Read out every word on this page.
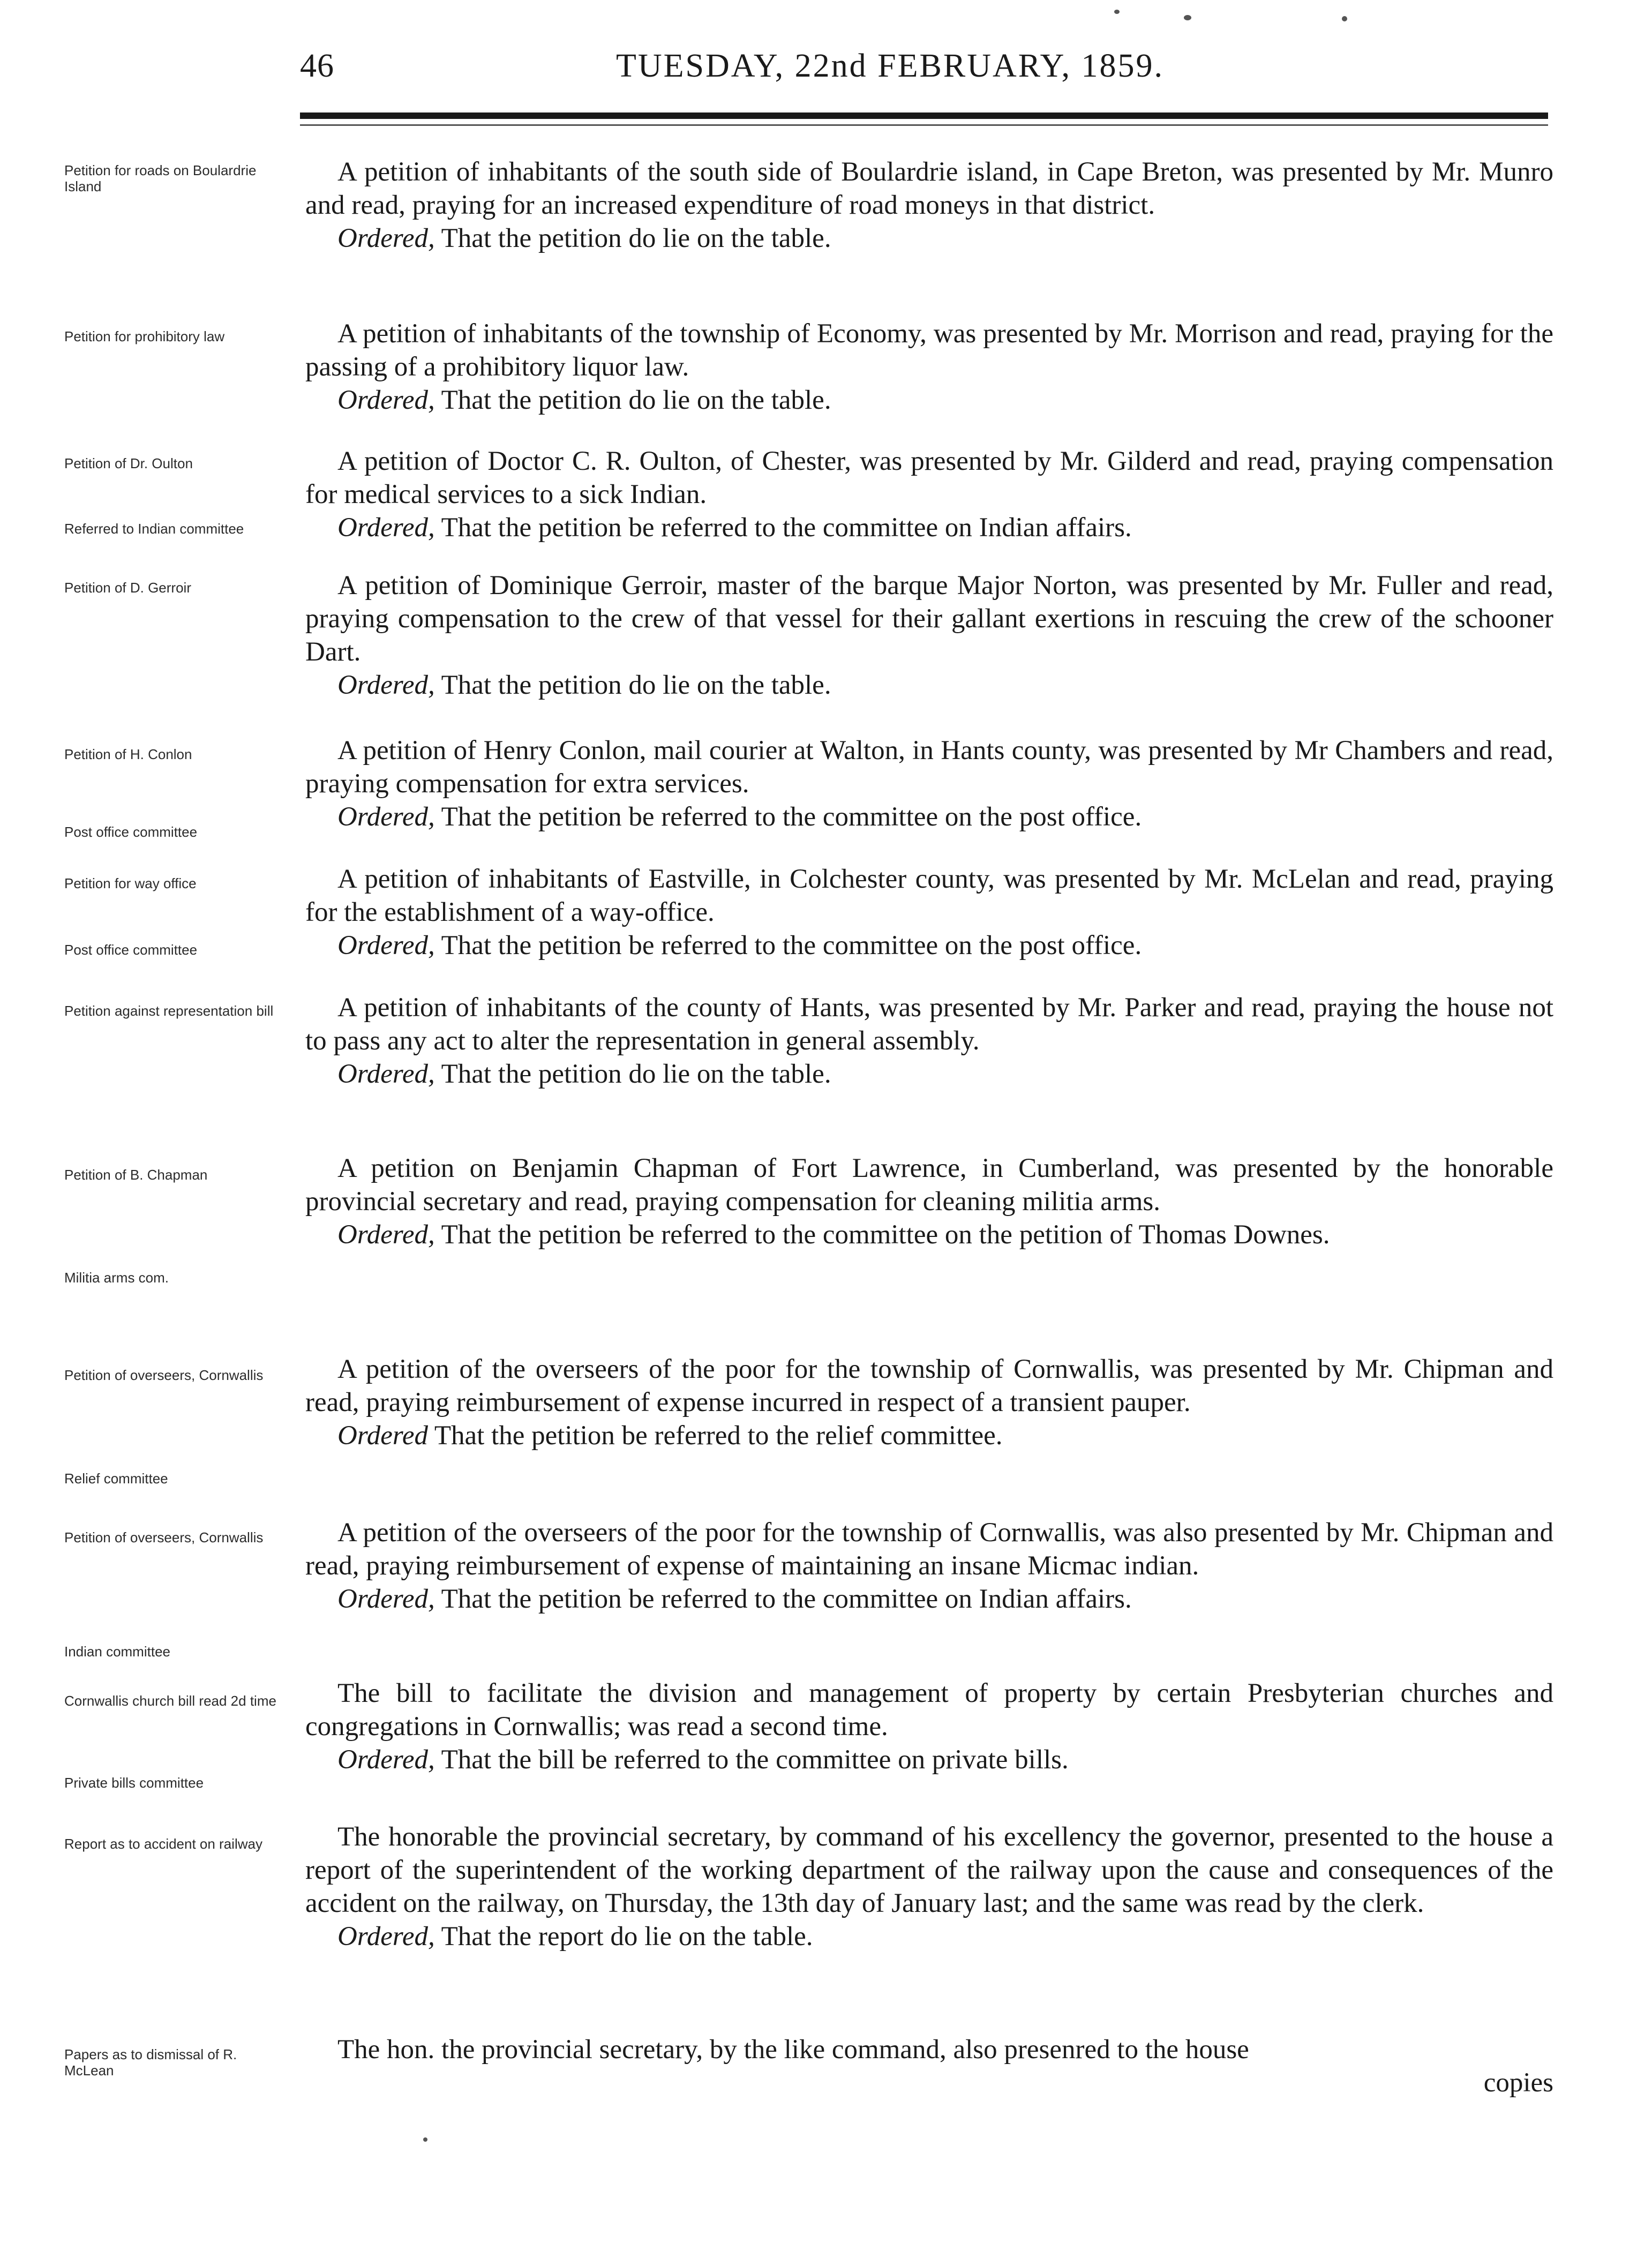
46	TUESDAY, 22nd FEBRUARY, 1859.
Petition for roads on Boulardrie Island
Petition for prohibitory law
Petition of Dr. Oulton
Referred to Indian committee
Petition of D. Gerroir
Petition of H. Conlon
Post office committee
Petition for way office
Post office committee
Petition against representation bill
Petition of B. Chapman
Militia arms com.
Petition of overseers, Cornwallis
Relief committee
Petition of overseers, Cornwallis
Indian committee
Cornwallis church bill read 2d time
Private bills committee
Report as to accident on railway
Papers as to dismissal of R. McLean
A petition of inhabitants of the south side of Boulardrie island, in Cape Breton, was presented by Mr. Munro and read, praying for an increased expenditure of road moneys in that district.
Ordered, That the petition do lie on the table.
A petition of inhabitants of the township of Economy, was presented by Mr. Morrison and read, praying for the passing of a prohibitory liquor law.
Ordered, That the petition do lie on the table.
A petition of Doctor C. R. Oulton, of Chester, was presented by Mr. Gilderd and read, praying compensation for medical services to a sick Indian.
Ordered, That the petition be referred to the committee on Indian affairs.
A petition of Dominique Gerroir, master of the barque Major Norton, was presented by Mr. Fuller and read, praying compensation to the crew of that vessel for their gallant exertions in rescuing the crew of the schooner Dart.
Ordered, That the petition do lie on the table.
A petition of Henry Conlon, mail courier at Walton, in Hants county, was presented by Mr Chambers and read, praying compensation for extra services.
Ordered, That the petition be referred to the committee on the post office.
A petition of inhabitants of Eastville, in Colchester county, was presented by Mr. McLelan and read, praying for the establishment of a way-office.
Ordered, That the petition be referred to the committee on the post office.
A petition of inhabitants of the county of Hants, was presented by Mr. Parker and read, praying the house not to pass any act to alter the representation in general assembly.
Ordered, That the petition do lie on the table.
A petition on Benjamin Chapman of Fort Lawrence, in Cumberland, was presented by the honorable provincial secretary and read, praying compensation for cleaning militia arms.
Ordered, That the petition be referred to the committee on the petition of Thomas Downes.
A petition of the overseers of the poor for the township of Cornwallis, was presented by Mr. Chipman and read, praying reimbursement of expense incurred in respect of a transient pauper.
Ordered That the petition be referred to the relief committee.
A petition of the overseers of the poor for the township of Cornwallis, was also presented by Mr. Chipman and read, praying reimbursement of expense of maintaining an insane Micmac indian.
Ordered, That the petition be referred to the committee on Indian affairs.
The bill to facilitate the division and management of property by certain Presbyterian churches and congregations in Cornwallis; was read a second time.
Ordered, That the bill be referred to the committee on private bills.
The honorable the provincial secretary, by command of his excellency the governor, presented to the house a report of the superintendent of the working department of the railway upon the cause and consequences of the accident on the railway, on Thursday, the 13th day of January last; and the same was read by the clerk.
Ordered, That the report do lie on the table.
The hon. the provincial secretary, by the like command, also presenred to the house
copies
